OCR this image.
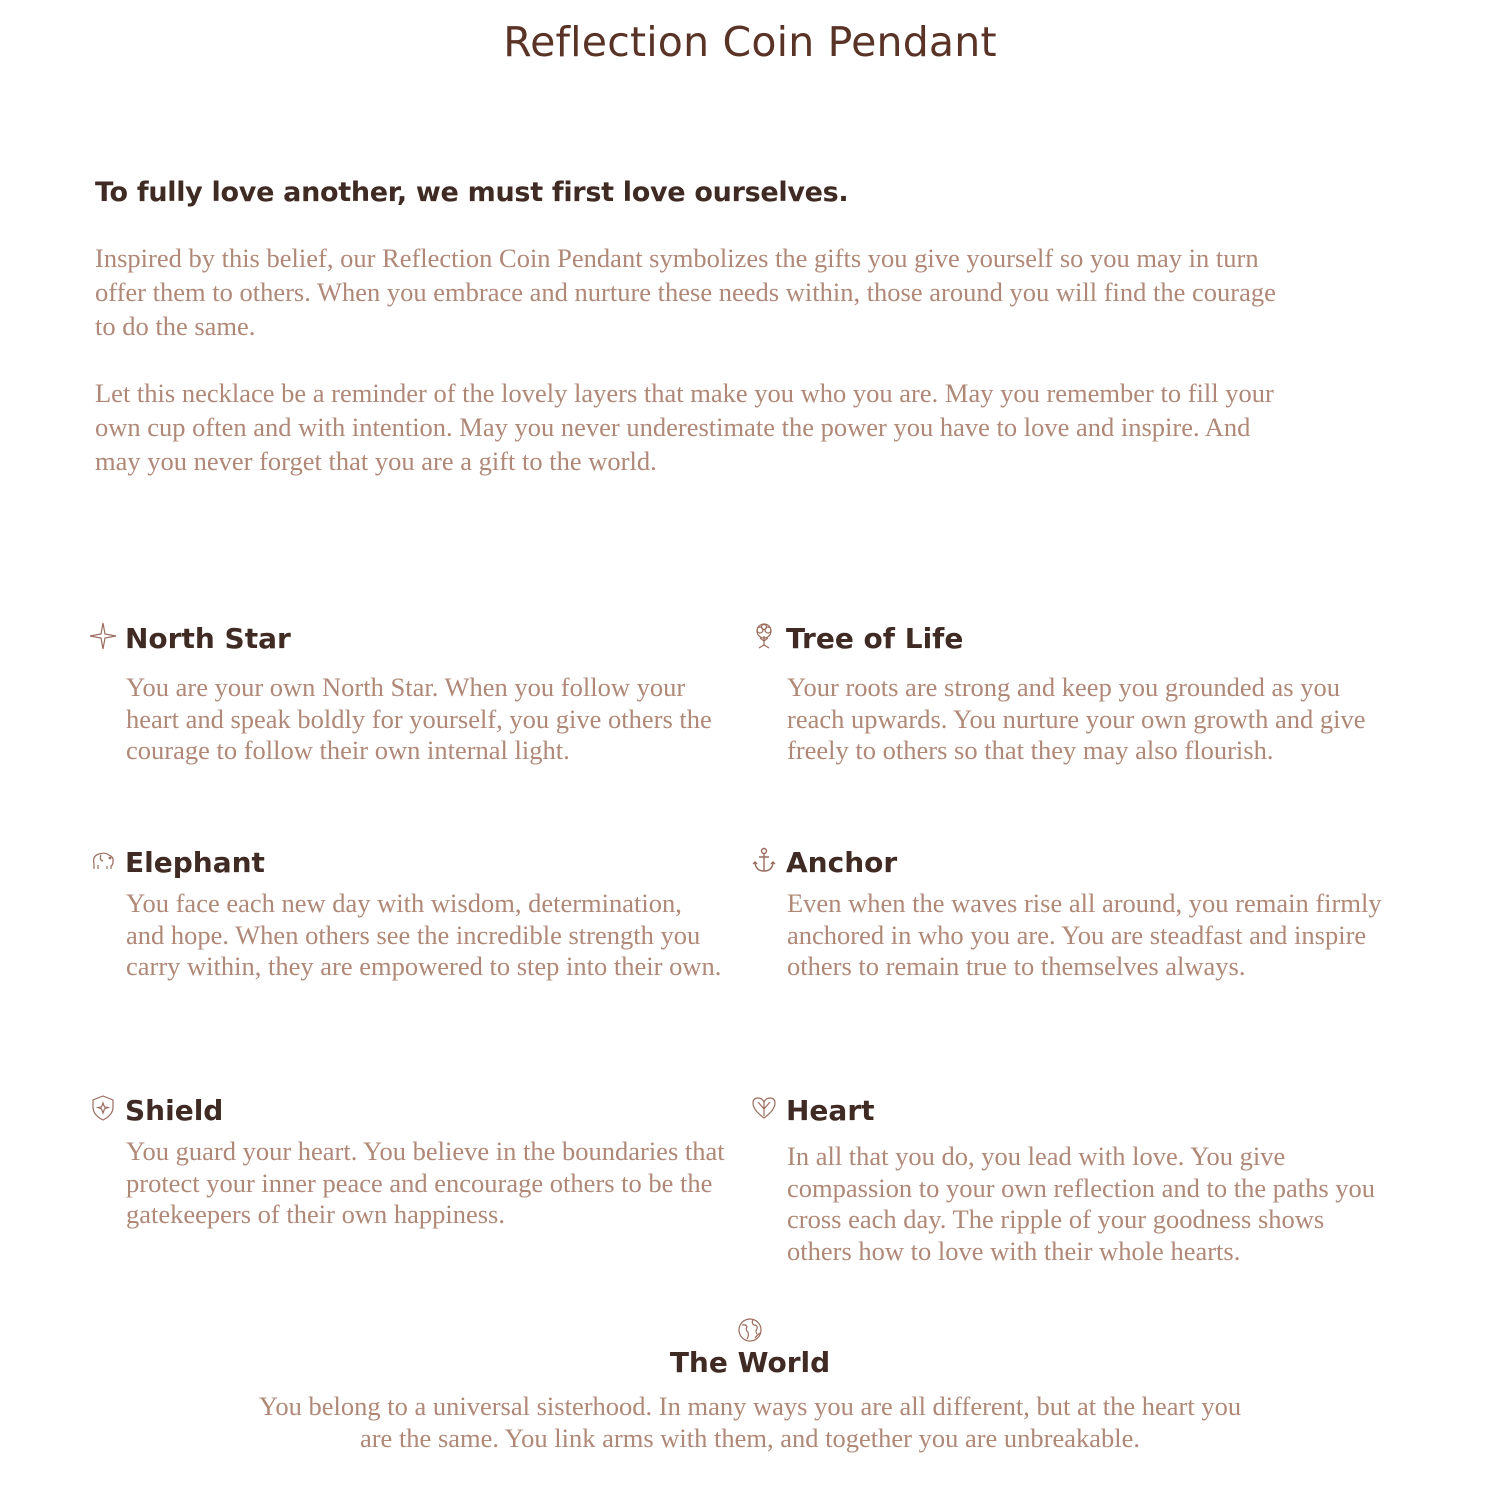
Reflection Coin Pendant
To fully love another, we must first love ourselves.

Inspired by this belief, our Reflection Coin Pendant symbolizes the gifts you give yourself so you may in turn offer them to others. When you embrace and nurture these needs within, those around you will find the courage to do the same.

Let this necklace be a reminder of the lovely layers that make you who you are. May you remember to fill your own cup often and with intention. May you never underestimate the power you have to love and inspire. And may you never forget that you are a gift to the world.

North Star

You are your own North Star. When you follow your heart and speak boldly for yourself, you give others the courage to follow their own internal light.

Tree of Life

Your roots are strong and keep you grounded as you reach upwards. You nurture your own growth and give freely to others so that they may also flourish.

Elephant

You face each new day with wisdom, determination, and hope. When others see the incredible strength you carry within, they are empowered to step into their own.

Anchor

Even when the waves rise all around, you remain firmly anchored in who you are. You are steadfast and inspire others to remain true to themselves always.

Shield

You guard your heart. You believe in the boundaries that protect your inner peace and encourage others to be the gatekeepers of their own happiness.

Heart

In all that you do, you lead with love. You give compassion to your own reflection and to the paths you cross each day. The ripple of your goodness shows others how to love with their whole hearts.

The World

You belong to a universal sisterhood. In many ways you are all different, but at the heart you are the same. You link arms with them, and together you are unbreakable.
